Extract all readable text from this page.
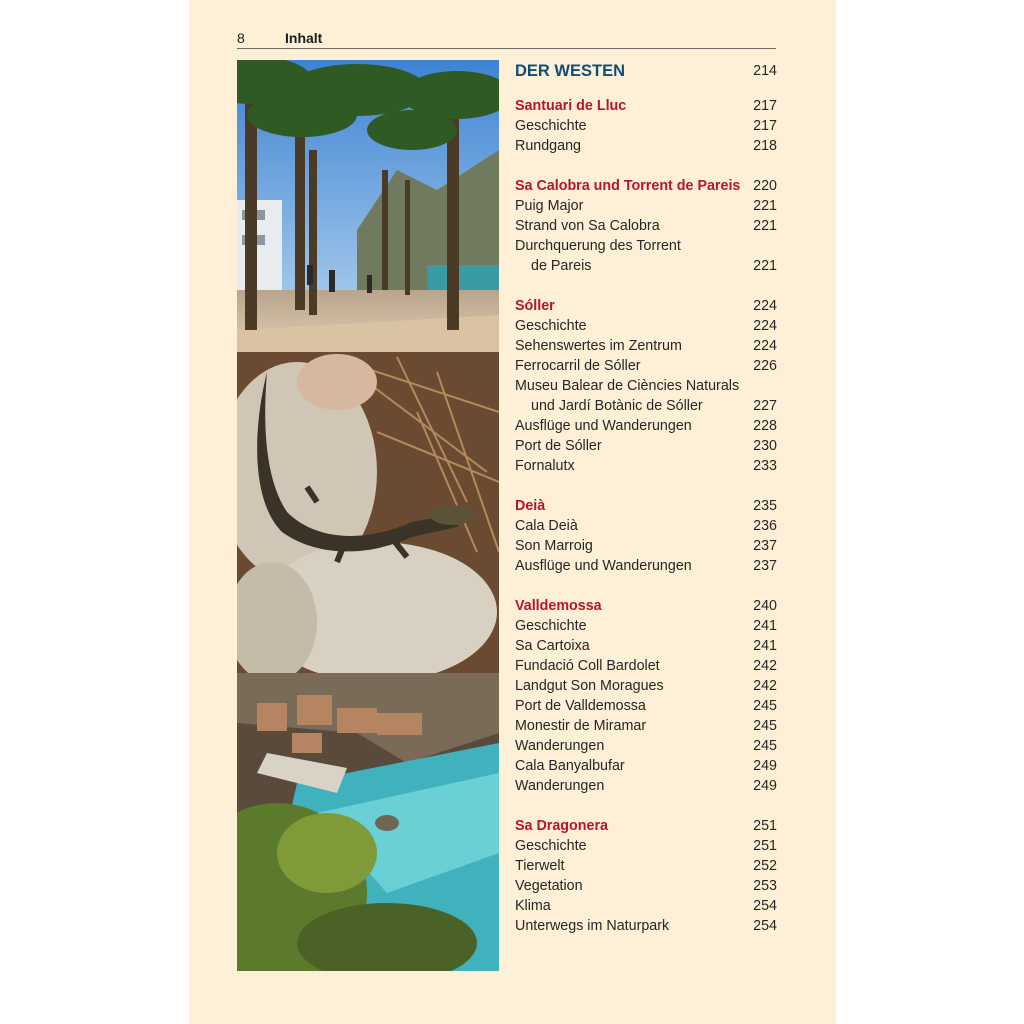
8	Inhalt
DER WESTEN	214
Santuari de Lluc	217
Geschichte	217
Rundgang	218
Sa Calobra und Torrent de Pareis 220
Puig Major	221
Strand von Sa Calobra	221
Durchquerung des Torrent
de Pareis	221
Sóller	224
Geschichte	224
Sehenswertes im Zentrum	224
Ferrocarril de Sóller	226
Museu Balear de Ciències Naturals
und Jardí Botànic de Sóller	227
Ausflüge und Wanderungen	228
Port de Sóller	230
Fornalutx	233
Deià	235
Cala Deià	236
Son Marroig	237
Ausflüge und Wanderungen	237
Valldemossa	240
Geschichte	241
Sa Cartoixa	241
Fundació Coll Bardolet	242
Landgut Son Moragues	242
Port de Valldemossa	245
Monestir de Miramar	245
Wanderungen	245
Cala Banyalbufar	249
Wanderungen	249
Sa Dragonera	251
Geschichte	251
Tierwelt	252
Vegetation	253
Klima	254
Unterwegs im Naturpark	254
